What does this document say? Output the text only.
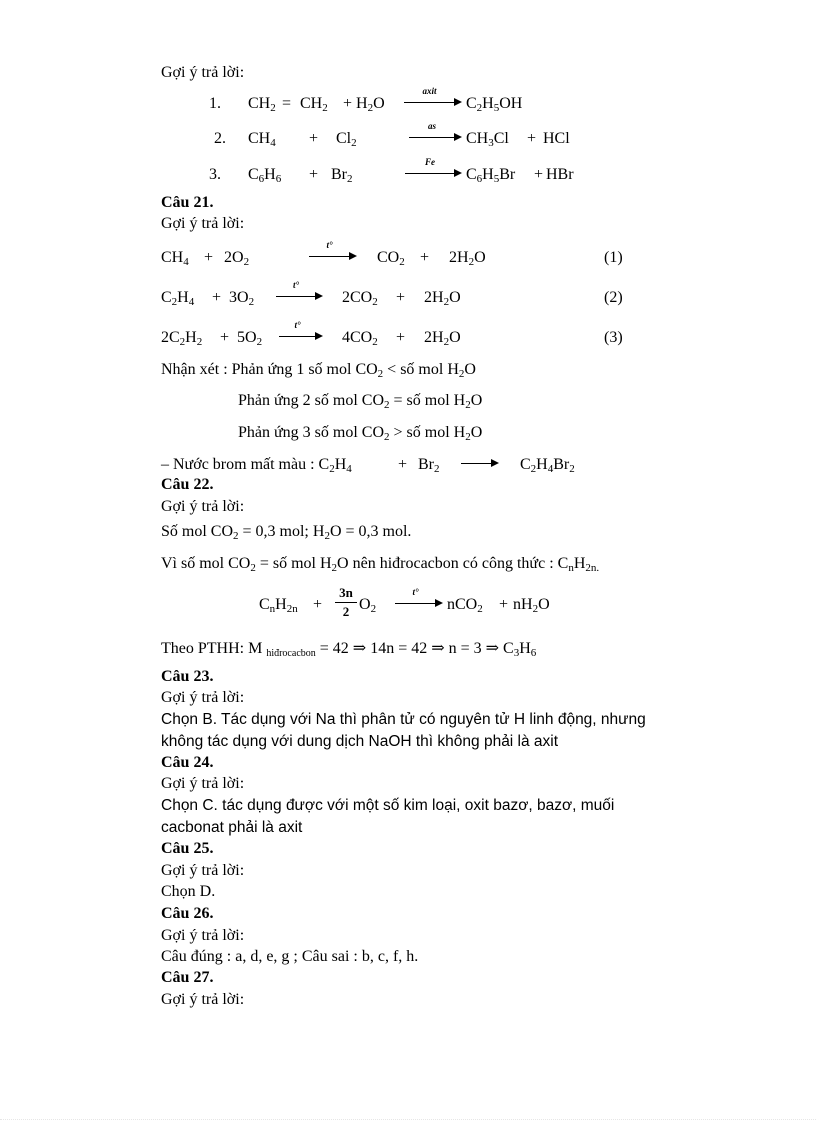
Gợi ý trả lời:
1. $CH_2 = CH_2 + H_2O$
axit
$C_2H_5OH$
2. $CH_4 + Cl_2$
as
$CH_3Cl$ + HCl
3. $C_6H_6 + Br_2$
Fe
$C_6H_5Br$ + HBr
Câu 21.
Gợi ý trả lời:
$CH_4 + 2O_2$
t°
$CO_2 + 2H_2O$	(1)
$C_2H_4 + 3O_2$
t°
$2CO_2 + 2H_2O$	(2)
$2C_2H_2 + 5O_2$
t°
$4CO_2 + 2H_2O$	(3)
Nhận xét : Phản ứng 1 số mol $CO_2$ < số mol $H_2O$
Phản ứng 2 số mol $CO_2$ = số mol $H_2O$
Phản ứng 3 số mol $CO_2$ > số mol $H_2O$
– Nước brom mất màu : $C_2H_4$	+ $Br_2$	$C_2H_4Br_2$
Câu 22.
Gợi ý trả lời:
Số mol $CO_2 = 0,3$ mol; $H_2O = 0,3$ mol.
Vì số mol $CO_2$ = số mol $H_2O$ nên hiđrocacbon có công thức : $C_nH_{2n.}$
$C_nH_{2n} + \frac{3n}{2} O_2$
t°
$nCO_2 + nH_2O$
Theo PTHH: M $_{hiđrocacbon}$ = 42 ⇒ 14n = 42 ⇒ n = 3 ⇒ $C_3H_6$
Câu 23.
Gợi ý trả lời:
Chọn B. Tác dụng với Na thì phân tử có nguyên tử H linh động, nhưng
không tác dụng với dung dịch NaOH thì không phải là axit
Câu 24.
Gợi ý trả lời:
Chọn C. tác dụng được với một số kim loại, oxit bazơ, bazơ, muối
cacbonat phải là axit
Câu 25.
Gợi ý trả lời:
Chọn D.
Câu 26.
Gợi ý trả lời:
Câu đúng : a, d, e, g ; Câu sai : b, c, f, h.
Câu 27.
Gợi ý trả lời:
